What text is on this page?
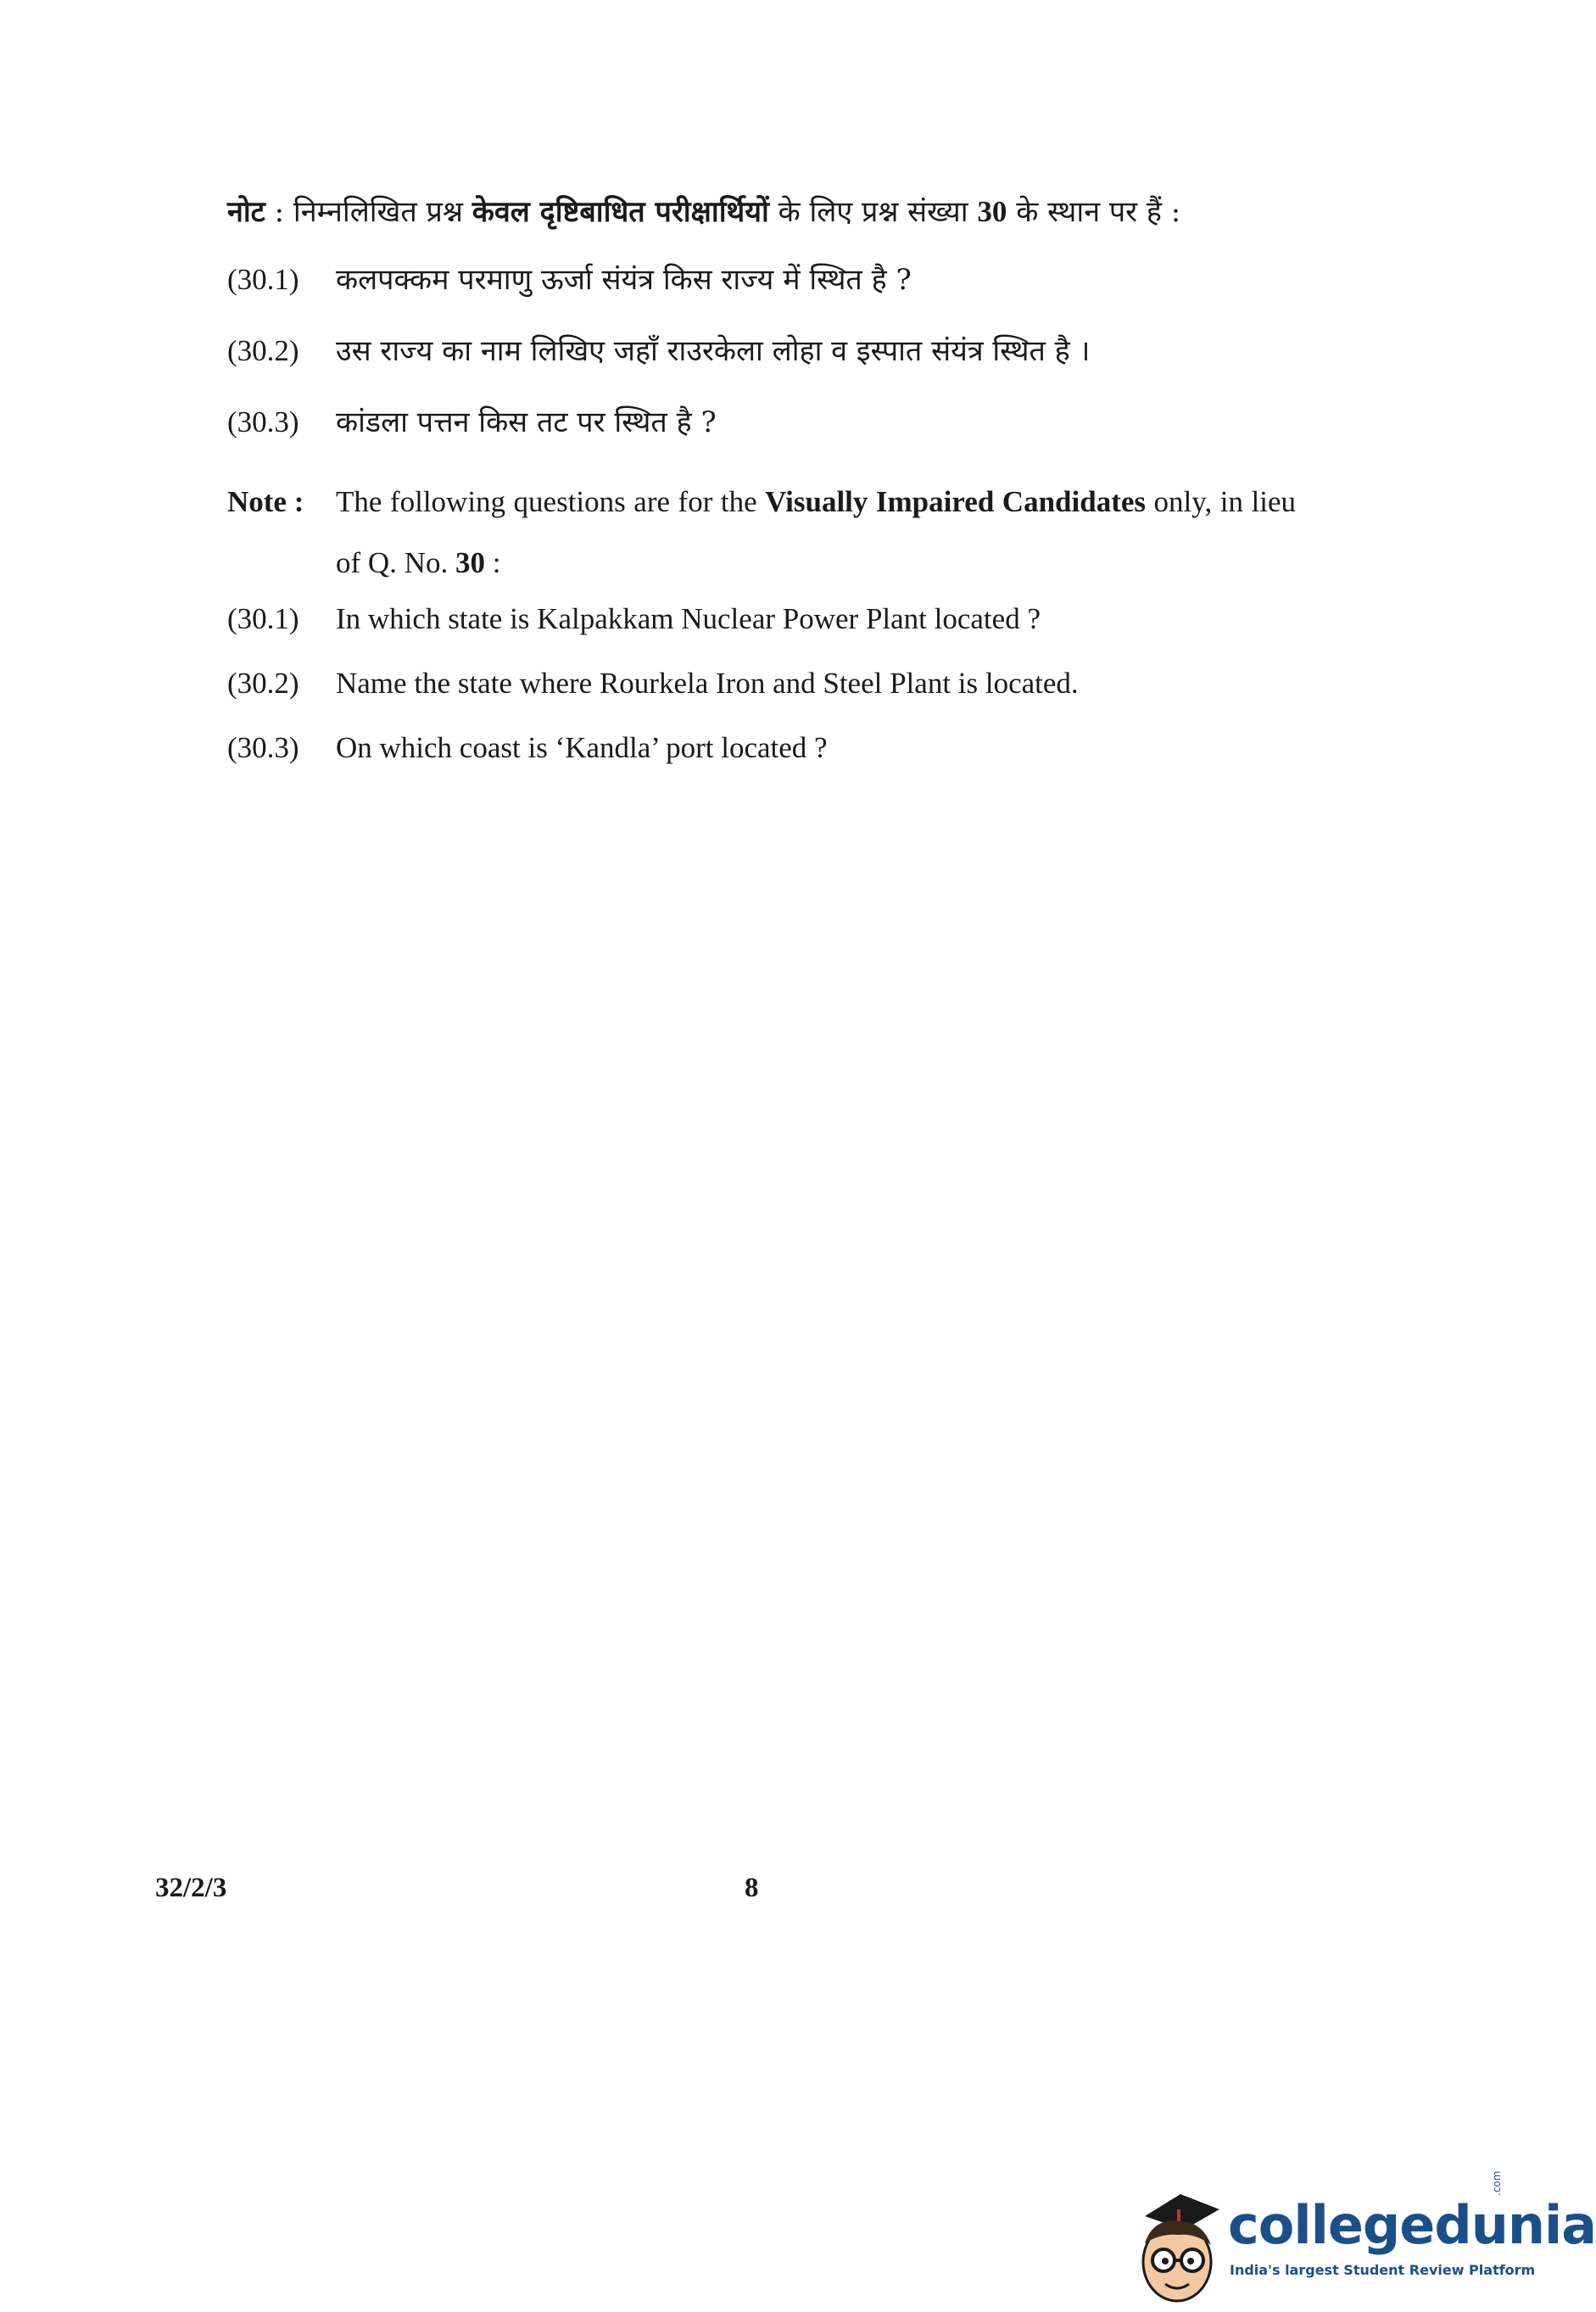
नोट : निम्नलिखित प्रश्न केवल दृष्टिबाधित परीक्षार्थियों के लिए प्रश्न संख्या 30 के स्थान पर हैं :
(30.1) कलपक्कम परमाणु ऊर्जा संयंत्र किस राज्य में स्थित है ?
(30.2) उस राज्य का नाम लिखिए जहाँ राउरकेला लोहा व इस्पात संयंत्र स्थित है ।
(30.3) कांडला पत्तन किस तट पर स्थित है ?
Note : The following questions are for the Visually Impaired Candidates only, in lieu of Q. No. 30 :
(30.1) In which state is Kalpakkam Nuclear Power Plant located ?
(30.2) Name the state where Rourkela Iron and Steel Plant is located.
(30.3) On which coast is ‘Kandla’ port located ?
32/2/3	8
collegedunia
.com
India's largest Student Review Platform
